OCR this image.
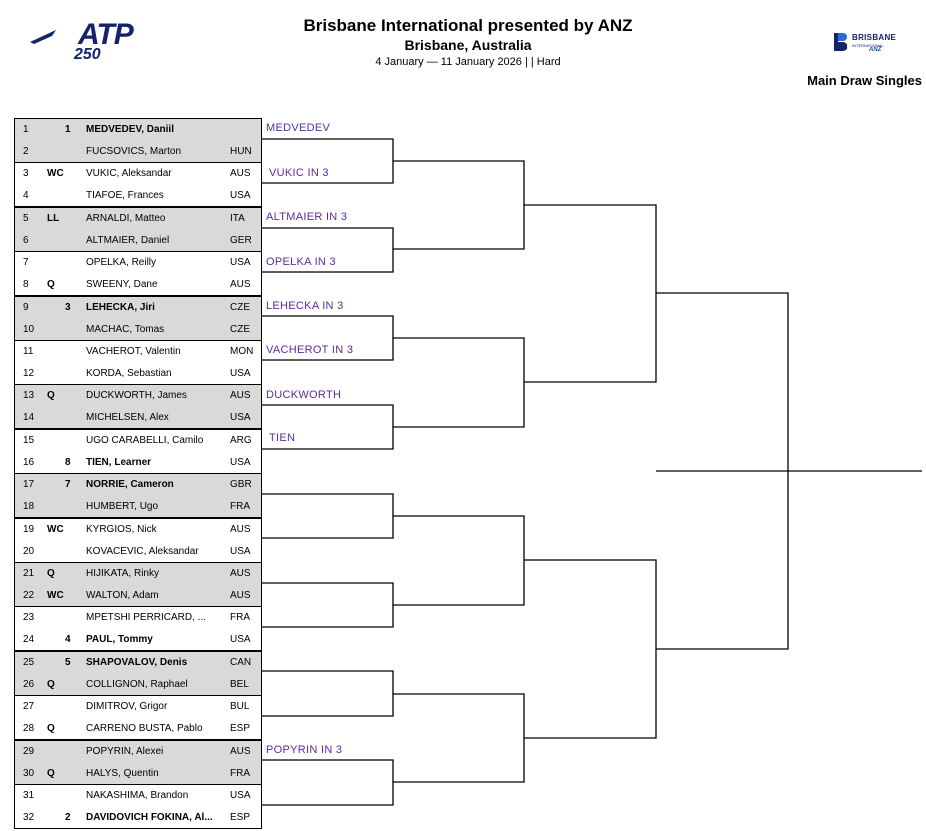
ATP
250
Brisbane International presented by ANZ
Brisbane, Australia
4 January — 11 January 2026 | | Hard
BRISBANE
INTERNATIONAL
ANZ
Main Draw Singles
MEDVEDEV
VUKIC IN 3
ALTMAIER IN 3
OPELKA IN 3
LEHECKA IN 3
VACHEROT IN 3
DUCKWORTH
TIEN
POPYRIN IN 3
1	1 MEDVEDEV, Daniil
2	FUCSOVICS, Marton	HUN
3 WC VUKIC, Aleksandar	AUS
4	TIAFOE, Frances	USA
5 LL	ARNALDI, Matteo	ITA
6	ALTMAIER, Daniel	GER
7	OPELKA, Reilly	USA
8 Q	SWEENY, Dane	AUS
9	3 LEHECKA, Jiri	CZE
10	MACHAC, Tomas	CZE
11	VACHEROT, Valentin	MON
12	KORDA, Sebastian	USA
13 Q	DUCKWORTH, James	AUS
14	MICHELSEN, Alex	USA
15	UGO CARABELLI, Camilo	ARG
16	8 TIEN, Learner	USA
17	7 NORRIE, Cameron	GBR
18	HUMBERT, Ugo	FRA
19 WC KYRGIOS, Nick	AUS
20	KOVACEVIC, Aleksandar	USA
21 Q	HIJIKATA, Rinky	AUS
22 WC WALTON, Adam	AUS
23	MPETSHI PERRICARD, ...	FRA
24	4 PAUL, Tommy	USA
25	5 SHAPOVALOV, Denis	CAN
26 Q	COLLIGNON, Raphael	BEL
27	DIMITROV, Grigor	BUL
28 Q	CARRENO BUSTA, Pablo	ESP
29	POPYRIN, Alexei	AUS
30 Q	HALYS, Quentin	FRA
31	NAKASHIMA, Brandon	USA
32	2 DAVIDOVICH FOKINA, Al...	ESP
